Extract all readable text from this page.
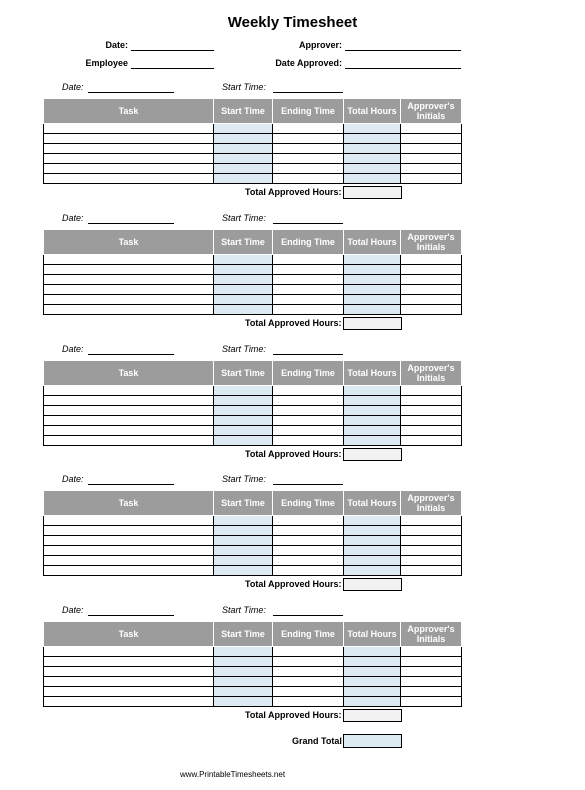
Weekly Timesheet
Date:
Employee
Approver:
Date Approved:
Date:	Start Time:
Task	Start Time	Ending Time	Total Hours	Approver's Initials

Total Approved Hours:
Date:	Start Time:
Task	Start Time	Ending Time	Total Hours	Approver's Initials

Total Approved Hours:
Date:	Start Time:
Task	Start Time	Ending Time	Total Hours	Approver's Initials

Total Approved Hours:
Date:	Start Time:
Task	Start Time	Ending Time	Total Hours	Approver's Initials

Total Approved Hours:
Date:	Start Time:
Task	Start Time	Ending Time	Total Hours	Approver's Initials

Total Approved Hours:
Grand Total
www.PrintableTimesheets.net
